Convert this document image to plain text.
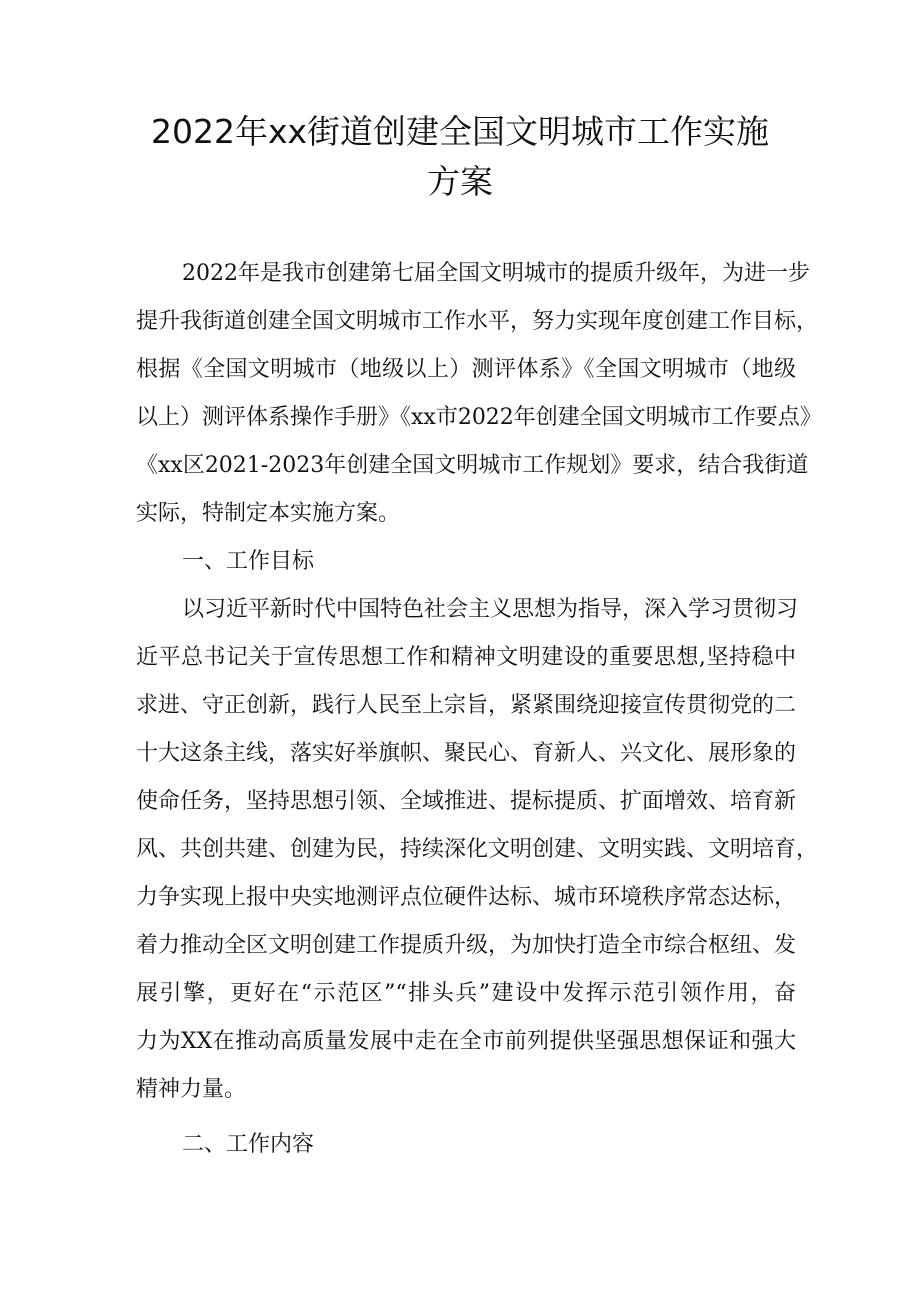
2022年xx街道创建全国文明城市工作实施
方案
2022年是我市创建第七届全国文明城市的提质升级年，为进一步
提升我街道创建全国文明城市工作水平，努力实现年度创建工作目标，
根据《全国文明城市（地级以上）测评体系》《全国文明城市（地级
以上）测评体系操作手册》《xx市2022年创建全国文明城市工作要点》
《xx区2021-2023年创建全国文明城市工作规划》要求，结合我街道
实际，特制定本实施方案。
一、工作目标
以习近平新时代中国特色社会主义思想为指导，深入学习贯彻习
近平总书记关于宣传思想工作和精神文明建设的重要思想,坚持稳中
求进、守正创新，践行人民至上宗旨，紧紧围绕迎接宣传贯彻党的二
十大这条主线，落实好举旗帜、聚民心、育新人、兴文化、展形象的
使命任务，坚持思想引领、全域推进、提标提质、扩面增效、培育新
风、共创共建、创建为民，持续深化文明创建、文明实践、文明培育，
力争实现上报中央实地测评点位硬件达标、城市环境秩序常态达标，
着力推动全区文明创建工作提质升级，为加快打造全市综合枢纽、发
展引擎，更好在“示范区”“排头兵”建设中发挥示范引领作用，奋
力为XX在推动高质量发展中走在全市前列提供坚强思想保证和强大
精神力量。
二、工作内容
